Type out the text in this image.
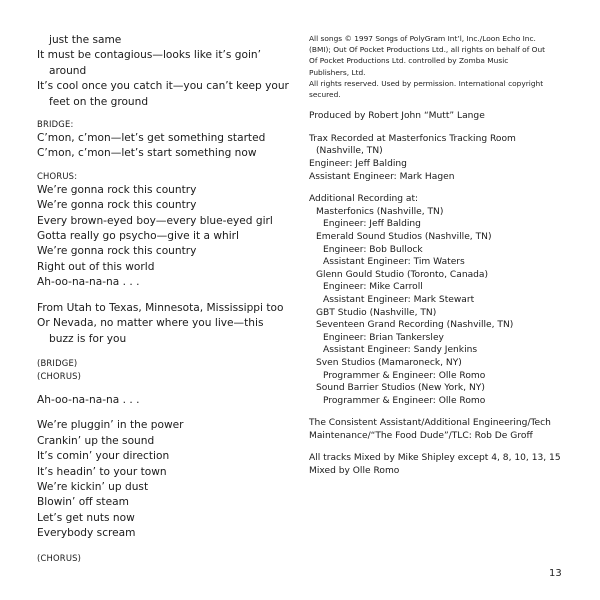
just the same
It must be contagious—looks like it’s goin’
around
It’s cool once you catch it—you can’t keep your
feet on the ground
BRIDGE:
C’mon, c’mon—let’s get something started
C’mon, c’mon—let’s start something now
CHORUS:
We’re gonna rock this country
We’re gonna rock this country
Every brown-eyed boy—every blue-eyed girl
Gotta really go psycho—give it a whirl
We’re gonna rock this country
Right out of this world
Ah-oo-na-na-na . . .
From Utah to Texas, Minnesota, Mississippi too
Or Nevada, no matter where you live—this
buzz is for you
(BRIDGE)
(CHORUS)
Ah-oo-na-na-na . . .
We’re pluggin’ in the power
Crankin’ up the sound
It’s comin’ your direction
It’s headin’ to your town
We’re kickin’ up dust
Blowin’ off steam
Let’s get nuts now
Everybody scream
(CHORUS)
All songs © 1997 Songs of PolyGram Int’l, Inc./Loon Echo Inc.
(BMI); Out Of Pocket Productions Ltd., all rights on behalf of Out
Of Pocket Productions Ltd. controlled by Zomba Music
Publishers, Ltd.
All rights reserved. Used by permission. International copyright
secured.
Produced by Robert John “Mutt” Lange
Trax Recorded at Masterfonics Tracking Room
(Nashville, TN)
Engineer: Jeff Balding
Assistant Engineer: Mark Hagen
Additional Recording at:
Masterfonics (Nashville, TN)
Engineer: Jeff Balding
Emerald Sound Studios (Nashville, TN)
Engineer: Bob Bullock
Assistant Engineer: Tim Waters
Glenn Gould Studio (Toronto, Canada)
Engineer: Mike Carroll
Assistant Engineer: Mark Stewart
GBT Studio (Nashville, TN)
Seventeen Grand Recording (Nashville, TN)
Engineer: Brian Tankersley
Assistant Engineer: Sandy Jenkins
Sven Studios (Mamaroneck, NY)
Programmer & Engineer: Olle Romo
Sound Barrier Studios (New York, NY)
Programmer & Engineer: Olle Romo
The Consistent Assistant/Additional Engineering/Tech
Maintenance/“The Food Dude”/TLC: Rob De Groff
All tracks Mixed by Mike Shipley except 4, 8, 10, 13, 15
Mixed by Olle Romo
13
